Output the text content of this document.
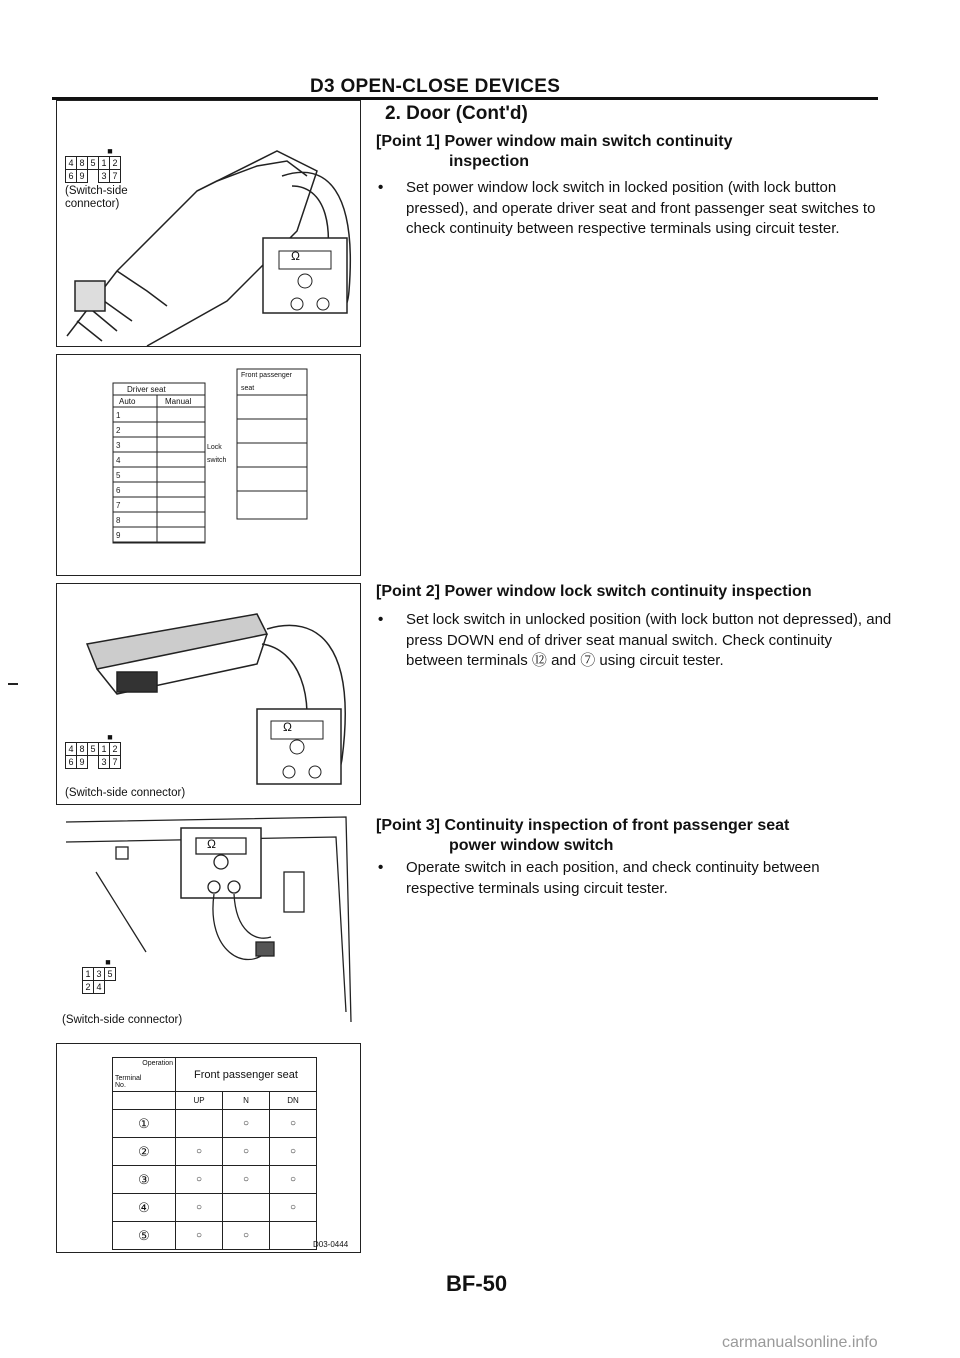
D3 OPEN-CLOSE DEVICES
2. Door (Cont'd)
[Point 1] Power window main switch continuity
inspection
• Set power window lock switch in locked position (with lock button pressed), and operate driver seat and front passenger seat switches to check continuity between respective terminals using circuit tester.
[Point 2] Power window lock switch continuity inspection
• Set lock switch in unlocked position (with lock button not depressed), and press DOWN end of driver seat manual switch. Check continuity between terminals ⑫ and ⑦ using circuit tester.
[Point 3] Continuity inspection of front passenger seat
power window switch
• Operate switch in each position, and check continuity between respective terminals using circuit tester.
■
4	8	5	1	2
6	9		3	7
(Switch-side connector)
Ω
1
2
3
4
5
6
7
8
9
Driver seat
Auto	Manual
Front passenger seat
Lock switch
■
4	8	5	1	2
6	9		3	7
(Switch-side connector)
Ω
■
1	3	5
2	4	
(Switch-side connector)
Ω
Operation
Terminal No.	Front passenger seat		
	UP	N	DN
①		○	○
②	○	○	○
③	○	○	○
④	○		○
⑤	○	○	
D03-0444
BF-50
carmanualsonline.info
